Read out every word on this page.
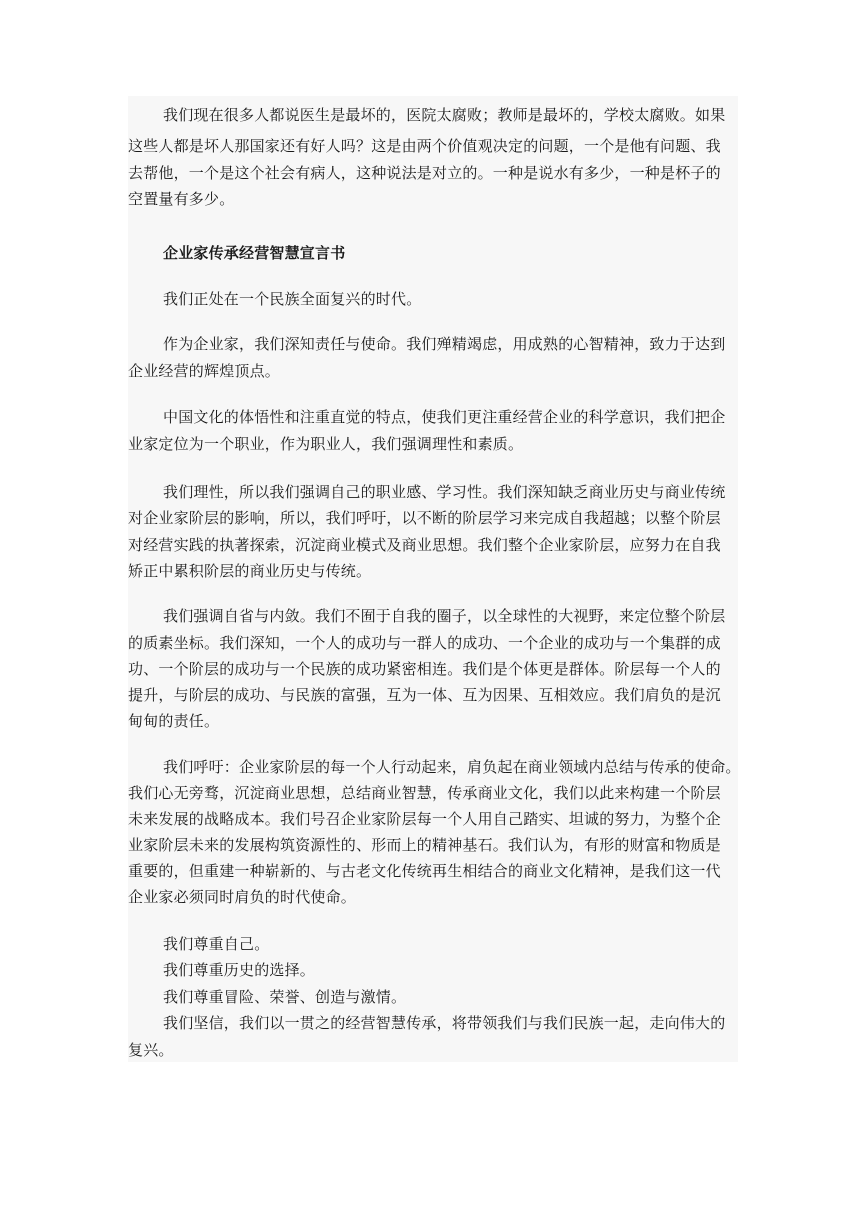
我们现在很多人都说医生是最坏的，医院太腐败；教师是最坏的，学校太腐败。如果
这些人都是坏人那国家还有好人吗？这是由两个价值观决定的问题，一个是他有问题、我
去帮他，一个是这个社会有病人，这种说法是对立的。一种是说水有多少，一种是杯子的
空置量有多少。
企业家传承经营智慧宣言书
我们正处在一个民族全面复兴的时代。
作为企业家，我们深知责任与使命。我们殚精竭虑，用成熟的心智精神，致力于达到
企业经营的辉煌顶点。
中国文化的体悟性和注重直觉的特点，使我们更注重经营企业的科学意识，我们把企
业家定位为一个职业，作为职业人，我们强调理性和素质。
我们理性，所以我们强调自己的职业感、学习性。我们深知缺乏商业历史与商业传统
对企业家阶层的影响，所以，我们呼吁，以不断的阶层学习来完成自我超越；以整个阶层
对经营实践的执著探索，沉淀商业模式及商业思想。我们整个企业家阶层，应努力在自我
矫正中累积阶层的商业历史与传统。
我们强调自省与内敛。我们不囿于自我的圈子，以全球性的大视野，来定位整个阶层
的质素坐标。我们深知，一个人的成功与一群人的成功、一个企业的成功与一个集群的成
功、一个阶层的成功与一个民族的成功紧密相连。我们是个体更是群体。阶层每一个人的
提升，与阶层的成功、与民族的富强，互为一体、互为因果、互相效应。我们肩负的是沉
甸甸的责任。
我们呼吁：企业家阶层的每一个人行动起来，肩负起在商业领域内总结与传承的使命。
我们心无旁骛，沉淀商业思想，总结商业智慧，传承商业文化，我们以此来构建一个阶层
未来发展的战略成本。我们号召企业家阶层每一个人用自己踏实、坦诚的努力，为整个企
业家阶层未来的发展构筑资源性的、形而上的精神基石。我们认为，有形的财富和物质是
重要的，但重建一种崭新的、与古老文化传统再生相结合的商业文化精神，是我们这一代
企业家必须同时肩负的时代使命。
我们尊重自己。
我们尊重历史的选择。
我们尊重冒险、荣誉、创造与激情。
我们坚信，我们以一贯之的经营智慧传承，将带领我们与我们民族一起，走向伟大的
复兴。
